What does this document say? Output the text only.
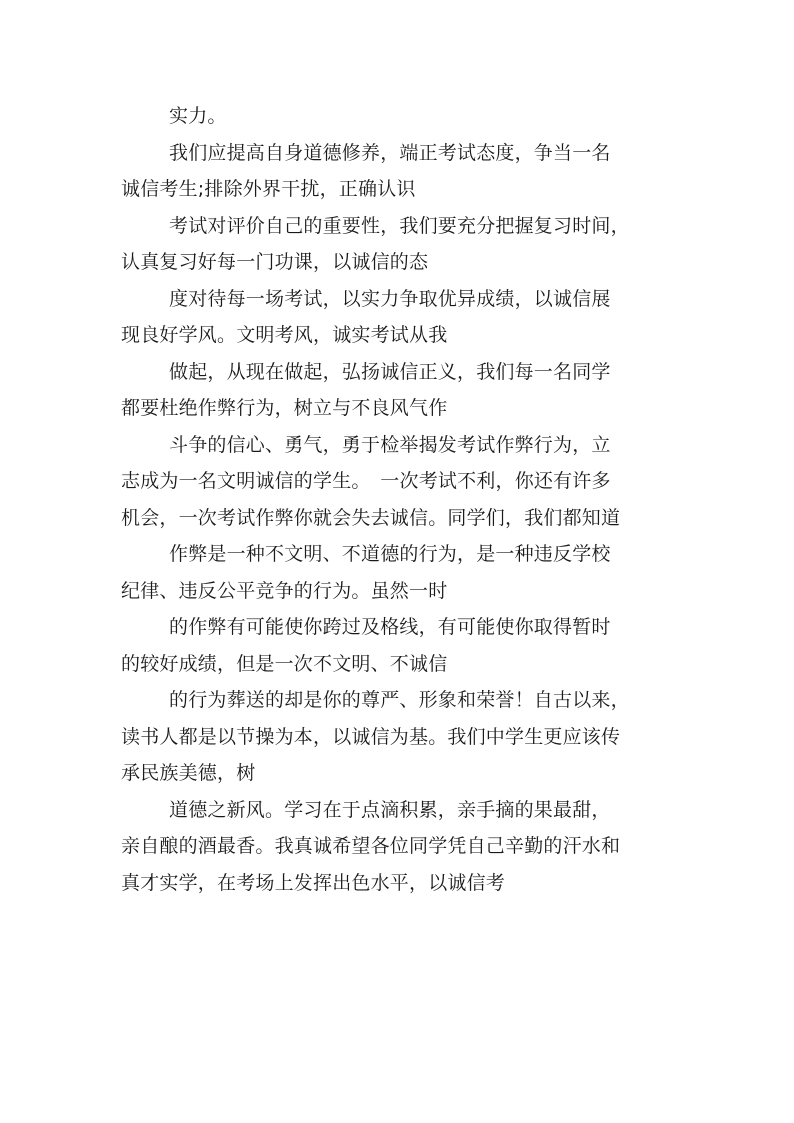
实力。
我们应提高自身道德修养，端正考试态度，争当一名
诚信考生;排除外界干扰，正确认识
考试对评价自己的重要性，我们要充分把握复习时间，
认真复习好每一门功课，以诚信的态
度对待每一场考试，以实力争取优异成绩，以诚信展
现良好学风。文明考风，诚实考试从我
做起，从现在做起，弘扬诚信正义，我们每一名同学
都要杜绝作弊行为，树立与不良风气作
斗争的信心、勇气，勇于检举揭发考试作弊行为，立
志成为一名文明诚信的学生。　一次考试不利，你还有许多
机会，一次考试作弊你就会失去诚信。同学们，我们都知道
作弊是一种不文明、不道德的行为，是一种违反学校
纪律、违反公平竞争的行为。虽然一时
的作弊有可能使你跨过及格线，有可能使你取得暂时
的较好成绩，但是一次不文明、不诚信
的行为葬送的却是你的尊严、形象和荣誉！自古以来，
读书人都是以节操为本，以诚信为基。我们中学生更应该传
承民族美德，树
道德之新风。学习在于点滴积累，亲手摘的果最甜，
亲自酿的酒最香。我真诚希望各位同学凭自己辛勤的汗水和
真才实学，在考场上发挥出色水平，以诚信考
